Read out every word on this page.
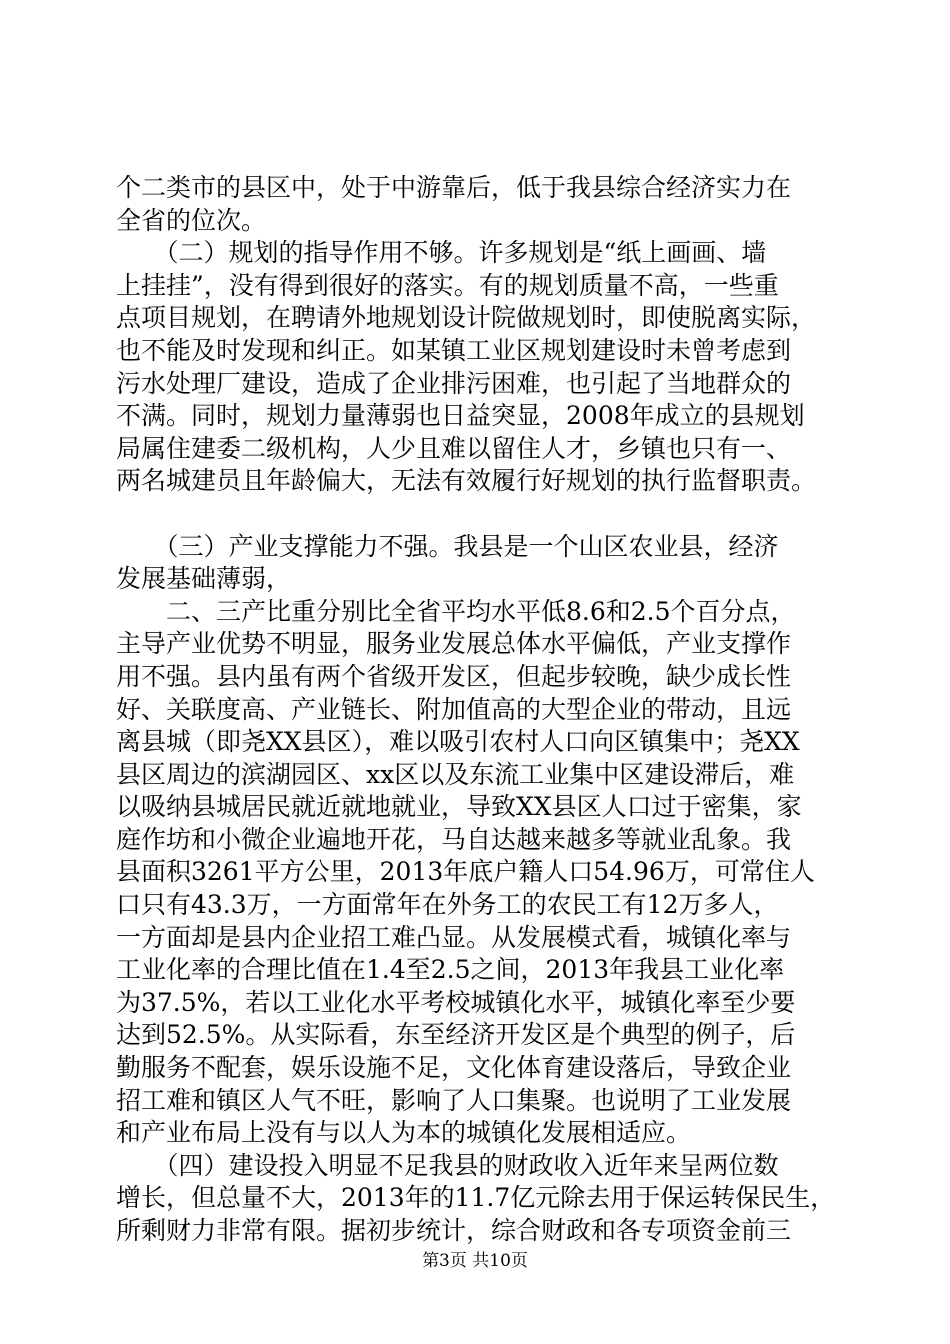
个二类市的县区中，处于中游靠后，低于我县综合经济实力在
全省的位次。
　　（二）规划的指导作用不够。许多规划是“纸上画画、墙
上挂挂”，没有得到很好的落实。有的规划质量不高，一些重
点项目规划，在聘请外地规划设计院做规划时，即使脱离实际，
也不能及时发现和纠正。如某镇工业区规划建设时未曾考虑到
污水处理厂建设，造成了企业排污困难，也引起了当地群众的
不满。同时，规划力量薄弱也日益突显，2008年成立的县规划
局属住建委二级机构，人少且难以留住人才，乡镇也只有一、
两名城建员且年龄偏大，无法有效履行好规划的执行监督职责。
　　（三）产业支撑能力不强。我县是一个山区农业县，经济
发展基础薄弱，
　　二、三产比重分别比全省平均水平低8.6和2.5个百分点，
主导产业优势不明显，服务业发展总体水平偏低，产业支撑作
用不强。县内虽有两个省级开发区，但起步较晚，缺少成长性
好、关联度高、产业链长、附加值高的大型企业的带动，且远
离县城（即尧XX县区），难以吸引农村人口向区镇集中；尧XX
县区周边的滨湖园区、xx区以及东流工业集中区建设滞后，难
以吸纳县城居民就近就地就业，导致XX县区人口过于密集，家
庭作坊和小微企业遍地开花，马自达越来越多等就业乱象。我
县面积3261平方公里，2013年底户籍人口54.96万，可常住人
口只有43.3万，一方面常年在外务工的农民工有12万多人，
一方面却是县内企业招工难凸显。从发展模式看，城镇化率与
工业化率的合理比值在1.4至2.5之间，2013年我县工业化率
为37.5%，若以工业化水平考校城镇化水平，城镇化率至少要
达到52.5%。从实际看，东至经济开发区是个典型的例子，后
勤服务不配套，娱乐设施不足，文化体育建设落后，导致企业
招工难和镇区人气不旺，影响了人口集聚。也说明了工业发展
和产业布局上没有与以人为本的城镇化发展相适应。
　　（四）建设投入明显不足我县的财政收入近年来呈两位数
增长，但总量不大，2013年的11.7亿元除去用于保运转保民生，
所剩财力非常有限。据初步统计，综合财政和各专项资金前三
第3页 共10页
